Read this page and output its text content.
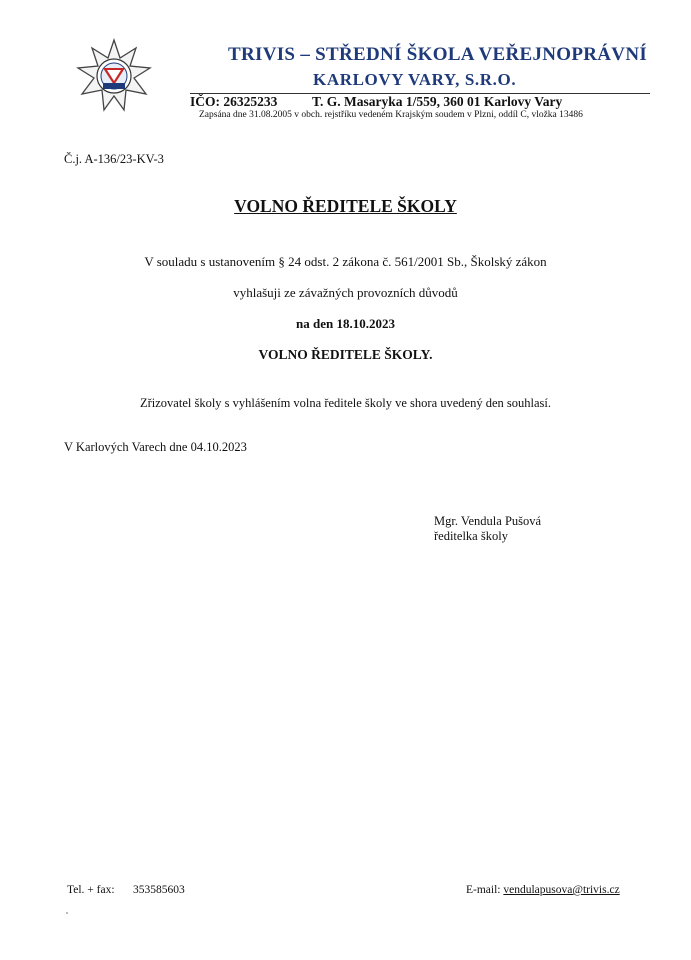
TRIVIS – STŘEDNÍ ŠKOLA VEŘEJNOPRÁVNÍ
KARLOVY VARY, S.R.O.
IČO: 26325233	T. G. Masaryka 1/559, 360 01 Karlovy Vary
Zapsána dne 31.08.2005 v obch. rejstříku vedeném Krajským soudem v Plzni, oddíl C, vložka 13486
Č.j. A-136/23-KV-3
VOLNO ŘEDITELE ŠKOLY
V souladu s ustanovením § 24 odst. 2 zákona č. 561/2001 Sb., Školský zákon
vyhlašuji ze závažných provozních důvodů
na den 18.10.2023
VOLNO ŘEDITELE ŠKOLY.
Zřizovatel školy s vyhlášením volna ředitele školy ve shora uvedený den souhlasí.
V Karlových Varech dne 04.10.2023
Mgr. Vendula Pušová
ředitelka školy
Tel. + fax: 353585603	E-mail: vendulapusova@trivis.cz
